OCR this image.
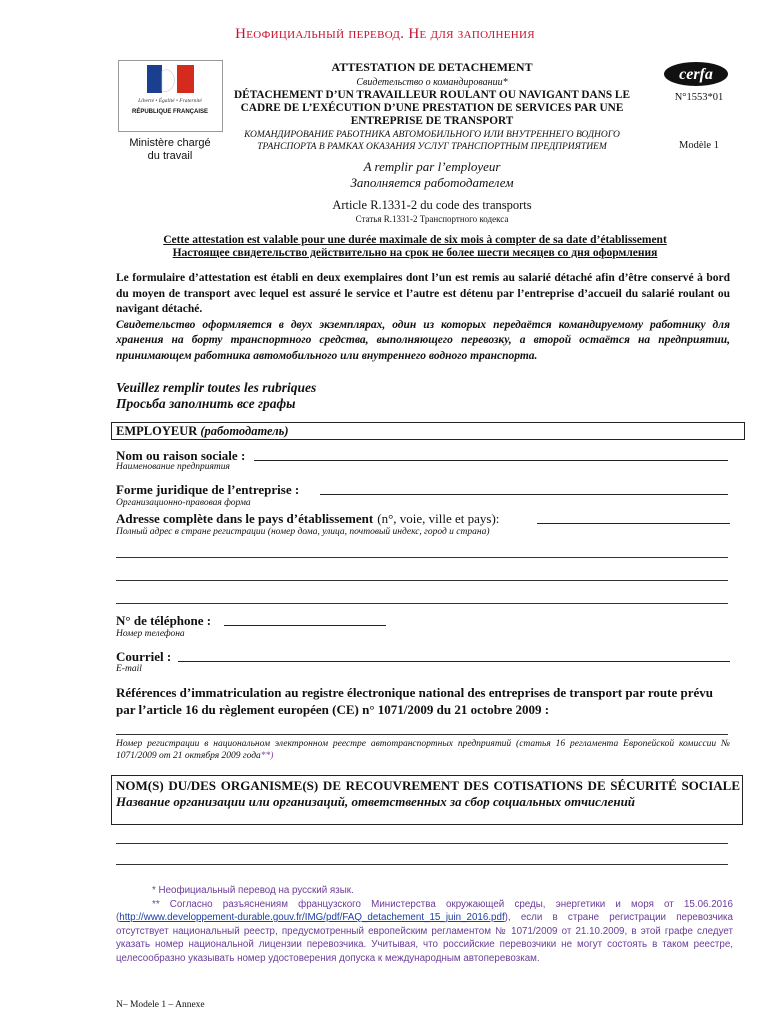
Неофициальный перевод. Не для заполнения
Liberté • Égalité • Fraternité
RÉPUBLIQUE FRANÇAISE
Ministère chargé
du travail
ATTESTATION DE DETACHEMENT
Свидетельство о командировании*
DÉTACHEMENT D’UN TRAVAILLEUR ROULANT OU NAVIGANT DANS LE CADRE DE L’EXÉCUTION D’UNE PRESTATION DE SERVICES PAR UNE ENTREPRISE DE TRANSPORT
КОМАНДИРОВАНИЕ РАБОТНИКА АВТОМОБИЛЬНОГО ИЛИ ВНУТРЕННЕГО ВОДНОГО ТРАНСПОРТА В РАМКАХ ОКАЗАНИЯ УСЛУГ ТРАНСПОРТНЫМ ПРЕДПРИЯТИЕМ
A remplir par l’employeur
Заполняется работодателем
Article R.1331-2 du code des transports
Статья R.1331-2 Транспортного кодекса
cerfa
N°1553*01
Modèle 1
Cette attestation est valable pour une durée maximale de six mois à compter de sa date d’établissement
Настоящее свидетельство действительно на срок не более шести месяцев со дня оформления
Le formulaire d’attestation est établi en deux exemplaires dont l’un est remis au salarié détaché afin d’être conservé à bord du moyen de transport avec lequel est assuré le service et l’autre est détenu par l’entreprise d’accueil du salarié roulant ou navigant détaché.
Свидетельство оформляется в двух экземплярах, один из которых передаётся командируемому работнику для хранения на борту транспортного средства, выполняющего перевозку, а второй остаётся на предприятии, принимающем работника автомобильного или внутреннего водного транспорта.
Veuillez remplir toutes les rubriques
Просьба заполнить все графы
EMPLOYEUR (работодатель)
Nom ou raison sociale :
Наименование предприятия
Forme juridique de l’entreprise :
Организационно-правовая форма
Adresse complète dans le pays d’établissement (n°, voie, ville et pays):
Полный адрес в стране регистрации (номер дома, улица, почтовый индекс, город и страна)
N° de téléphone :
Номер телефона
Courriel :
E-mail
Références d’immatriculation au registre électronique national des entreprises de transport par route prévu par l’article 16 du règlement européen (CE) n° 1071/2009 du 21 octobre 2009 :
Номер регистрации в национальном электронном реестре автотранспортных предприятий (статья 16 регламента Европейской комиссии № 1071/2009 от 21 октября 2009 года**)
NOM(S) DU/DES ORGANISME(S) DE RECOUVREMENT DES COTISATIONS DE SÉCURITÉ SOCIALE Название организации или организаций, ответственных за сбор социальных отчислений
* Неофициальный перевод на русский язык.
** Согласно разъяснениям французского Министерства окружающей среды, энергетики и моря от 15.06.2016 (http://www.developpement-durable.gouv.fr/IMG/pdf/FAQ_detachement_15_juin_2016.pdf), если в стране регистрации перевозчика отсутствует национальный реестр, предусмотренный европейским регламентом № 1071/2009 от 21.10.2009, в этой графе следует указать номер национальной лицензии перевозчика. Учитывая, что российские перевозчики не могут состоять в таком реестре, целесообразно указывать номер удостоверения допуска к международным автоперевозкам.
N– Modele 1 – Annexe
